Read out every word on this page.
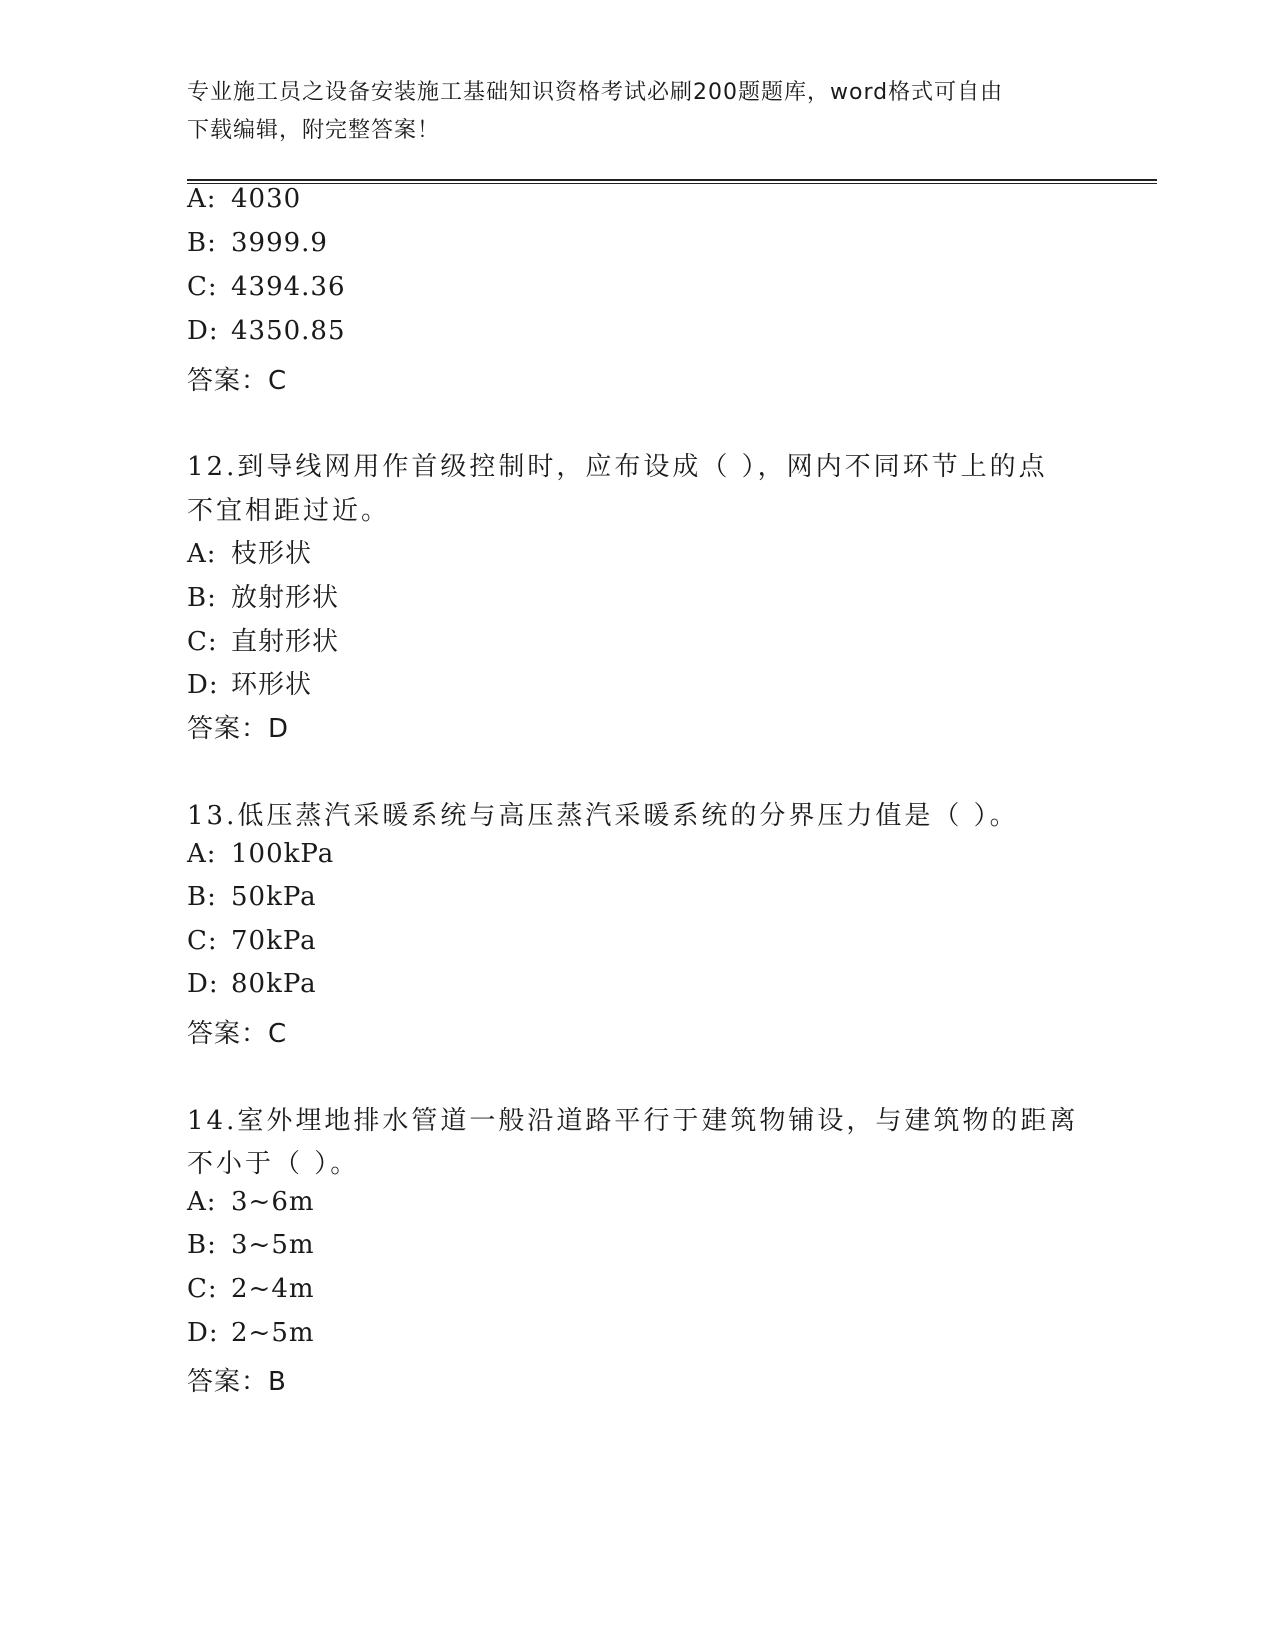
专业施工员之设备安装施工基础知识资格考试必刷200题题库，word格式可自由
下载编辑，附完整答案！
A: 4030
B: 3999.9
C: 4394.36
D: 4350.85
答案：C
12.到导线网用作首级控制时，应布设成（ ），网内不同环节上的点
不宜相距过近。
A: 枝形状
B: 放射形状
C: 直射形状
D: 环形状
答案：D
13.低压蒸汽采暖系统与高压蒸汽采暖系统的分界压力值是（ ）。
A: 100kPa
B: 50kPa
C: 70kPa
D: 80kPa
答案：C
14.室外埋地排水管道一般沿道路平行于建筑物铺设，与建筑物的距离
不小于（ ）。
A: 3~6m
B: 3~5m
C: 2~4m
D: 2~5m
答案：B
